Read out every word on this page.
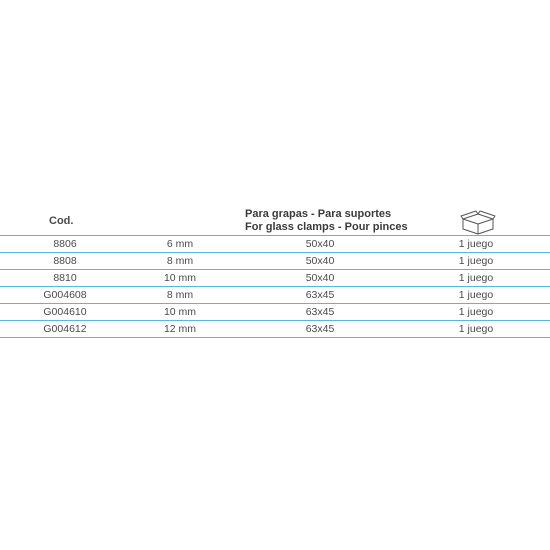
Cod.
Para grapas - Para suportes
For glass clamps - Pour pinces
8806	6 mm	50x40	1 juego
8808	8 mm	50x40	1 juego
8810	10 mm	50x40	1 juego
G004608	8 mm	63x45	1 juego
G004610	10 mm	63x45	1 juego
G004612	12 mm	63x45	1 juego
